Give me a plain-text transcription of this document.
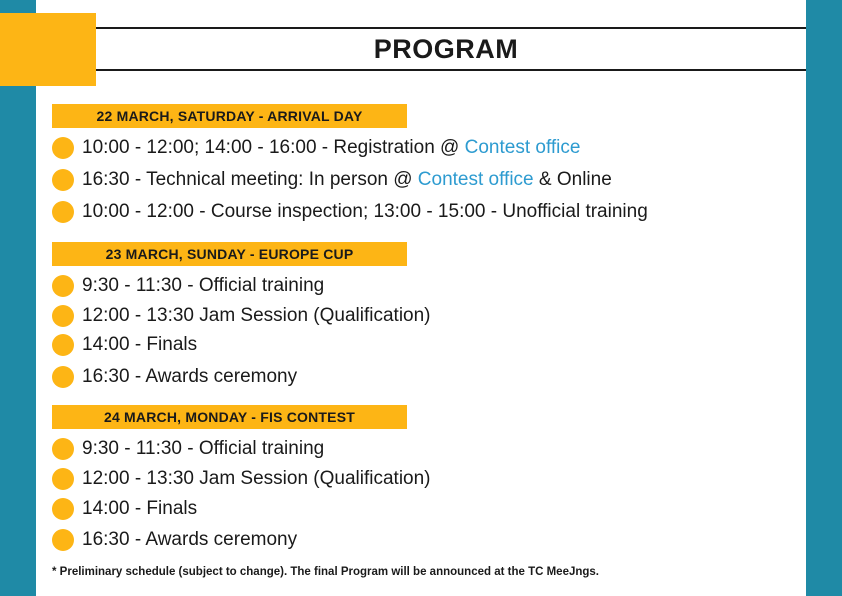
PROGRAM
22 MARCH, SATURDAY - ARRIVAL DAY
10:00 - 12:00; 14:00 - 16:00 - Registration @ Contest office
16:30 - Technical meeting: In person @ Contest office & Online
10:00 - 12:00 - Course inspection; 13:00 - 15:00 - Unofficial training
23 MARCH, SUNDAY - EUROPE CUP
9:30 - 11:30 - Official training
12:00 - 13:30 Jam Session (Qualification)
14:00 - Finals
16:30 - Awards ceremony
24 MARCH, MONDAY - FIS CONTEST
9:30 - 11:30 - Official training
12:00 - 13:30 Jam Session (Qualification)
14:00 - Finals
16:30 - Awards ceremony
* Preliminary schedule (subject to change). The final Program will be announced at the TC MeeJngs.
